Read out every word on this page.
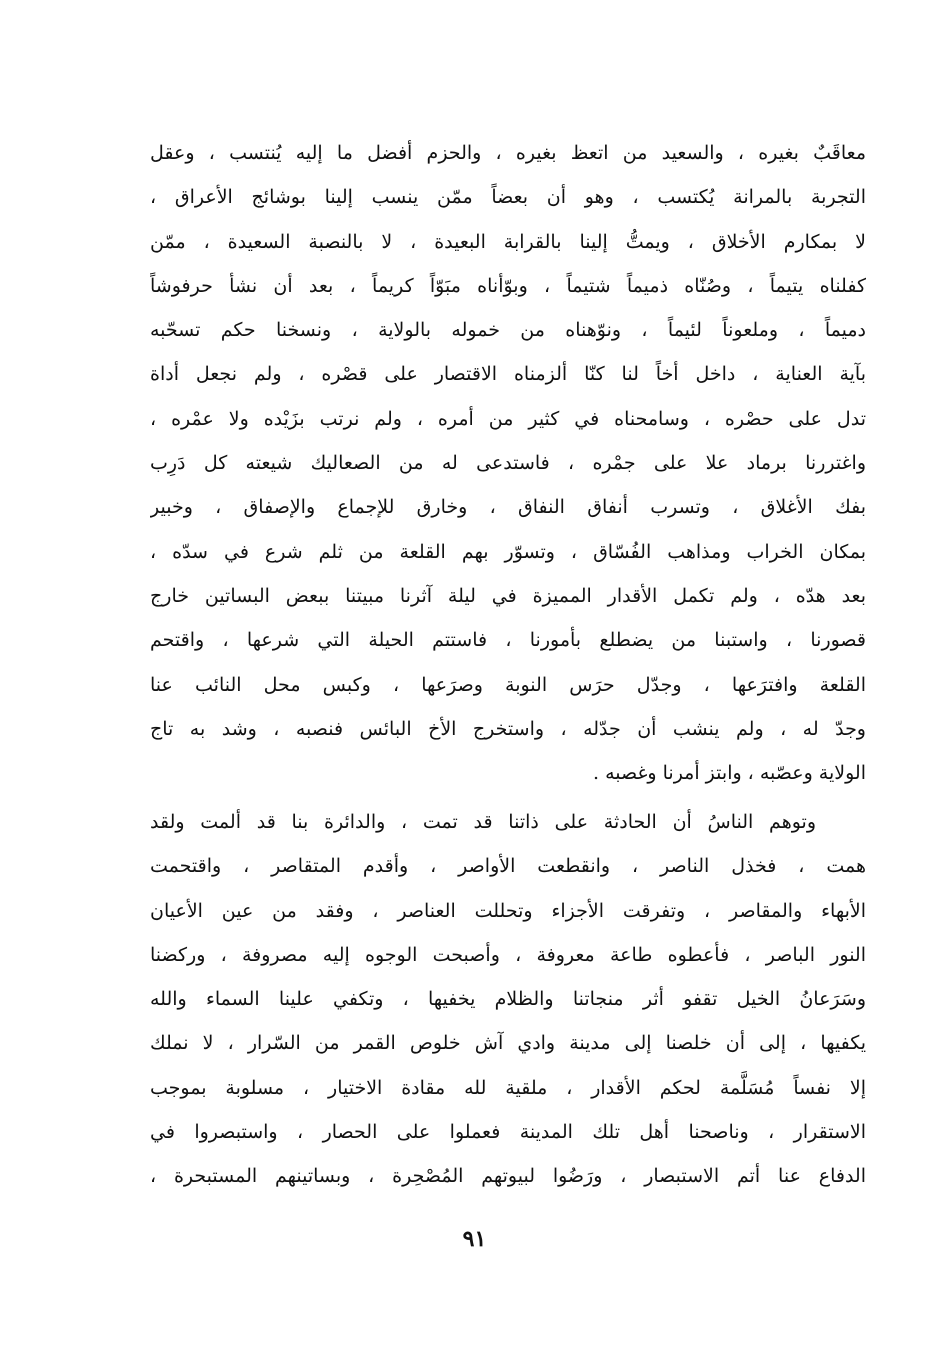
معاقَبٌ بغيره ، والسعيد من اتعظ بغيره ، والحزم أفضل ما إليه يُنتسب ، وعقل
التجربة بالمرانة يُكتسب ، وهو أن بعضاً ممّن ينسب إلينا بوشائج الأعراق ،
لا بمكارم الأخلاق ، ويمتُّ إلينا بالقرابة البعيدة ، لا بالنصبة السعيدة ، ممّن
كفلناه يتيماً ، وصُنّاه ذميماً شتيماً ، وبوّأناه مبَوّاً كريماً ، بعد أن نشأ حرفوشاً
دميماً ، وملعوناً لئيماً ، ونوّهناه من خموله بالولاية ، ونسخنا حكم تسحّبه
بآية العناية ، داخل أخاً لنا كنّا ألزمناه الاقتصار على قصْره ، ولم نجعل أداة
تدل على حصْره ، وسامحناه في كثير من أمره ، ولم نرتب بزَيْده ولا عمْره ،
واغتررنا برماد علا على جمْره ، فاستدعى له من الصعاليك شيعته كل دَرِب
بفك الأغلاق ، وتسرب أنفاق النفاق ، وخارق للإجماع والإصفاق ، وخبير
بمكان الخراب ومذاهب الفُسّاق ، وتسوّر بهم القلعة من ثلم شرع في سدّه ،
بعد هدّه ، ولم تكمل الأقدار المميزة في ليلة آثرنا مبيتنا ببعض البساتين خارج
قصورنا ، واستبنا من يضطلع بأمورنا ، فاستتم الحيلة التي شرعها ، واقتحم
القلعة وافترَعها ، وجدّل حرَس النوبة وصرَعها ، وكبس محل النائب عنا
وجدّ له ، ولم ينشب أن جدّله ، واستخرج الأخ البائس فنصبه ، وشد به تاج
الولاية وعصّبه ، وابتز أمرنا وغصبه .
وتوهم الناسُ أن الحادثة على ذاتنا قد تمت ، والدائرة بنا قد ألمت ولقد
همت ، فخذل الناصر ، وانقطعت الأواصر ، وأقدم المتقاصر ، واقتحمت
الأبهاء والمقاصر ، وتفرقت الأجزاء وتحللت العناصر ، وفقد من عين الأعيان
النور الباصر ، فأعطوه طاعة معروفة ، وأصبحت الوجوه إليه مصروفة ، وركضنا
وسَرَعانُ الخيل تقفو أثر منجاتنا والظلام يخفيها ، وتكفي علينا السماء والله
يكفيها ، إلى أن خلصنا إلى مدينة وادي آش خلوص القمر من السّرار ، لا نملك
إلا نفساً مُسَلَّمة لحكم الأقدار ، ملقية لله مقادة الاختيار ، مسلوبة بموجب
الاستقرار ، وناصحنا أهل تلك المدينة فعملوا على الحصار ، واستبصروا في
الدفاع عنا أتم الاستبصار ، ورَضُوا لبيوتهم المُصْحِرة ، وبساتينهم المستبحرة ،
٩١
